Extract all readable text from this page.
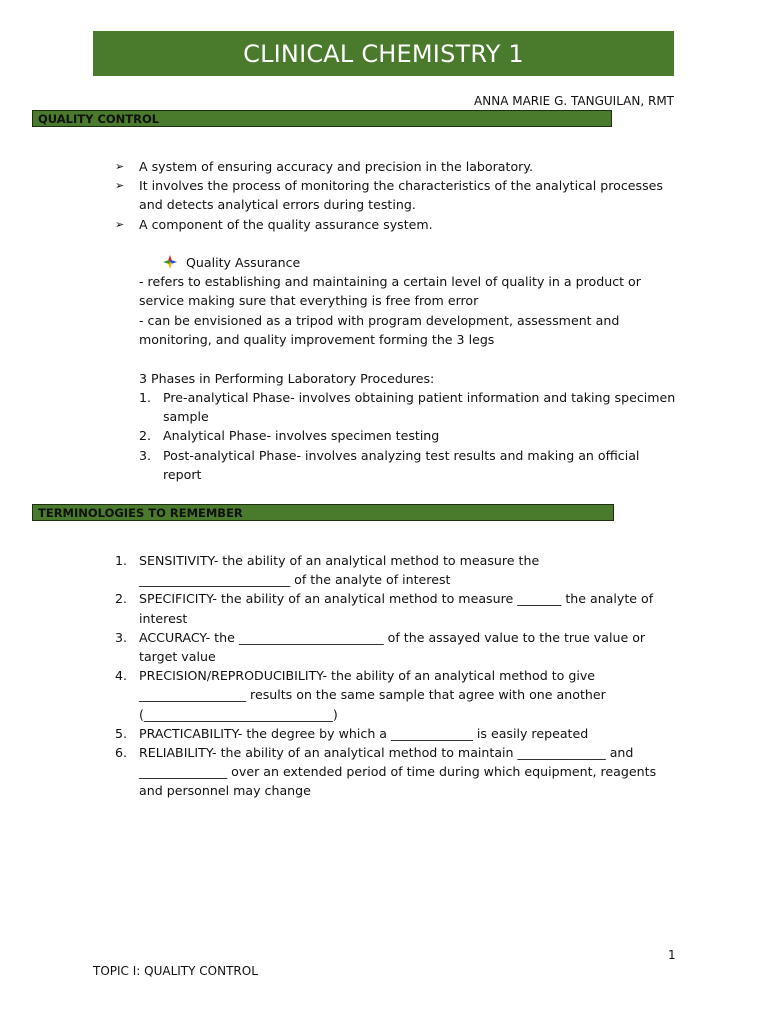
CLINICAL CHEMISTRY 1
ANNA MARIE G. TANGUILAN, RMT
QUALITY CONTROL
➢ A system of ensuring accuracy and precision in the laboratory.
➢ It involves the process of monitoring the characteristics of the analytical processes and detects analytical errors during testing.
➢ A component of the quality assurance system.
Quality Assurance
- refers to establishing and maintaining a certain level of quality in a product or service making sure that everything is free from error
- can be envisioned as a tripod with program development, assessment and monitoring, and quality improvement forming the 3 legs
3 Phases in Performing Laboratory Procedures:
1. Pre-analytical Phase- involves obtaining patient information and taking specimen sample
2. Analytical Phase- involves specimen testing
3. Post-analytical Phase- involves analyzing test results and making an official report
TERMINOLOGIES TO REMEMBER
1. SENSITIVITY- the ability of an analytical method to measure the ________________________ of the analyte of interest
2. SPECIFICITY- the ability of an analytical method to measure _______ the analyte of interest
3. ACCURACY- the _______________________ of the assayed value to the true value or target value
4. PRECISION/REPRODUCIBILITY- the ability of an analytical method to give _________________ results on the same sample that agree with one another (______________________________)
5. PRACTICABILITY- the degree by which a _____________ is easily repeated
6. RELIABILITY- the ability of an analytical method to maintain ______________ and ______________ over an extended period of time during which equipment, reagents and personnel may change
1
TOPIC I: QUALITY CONTROL
